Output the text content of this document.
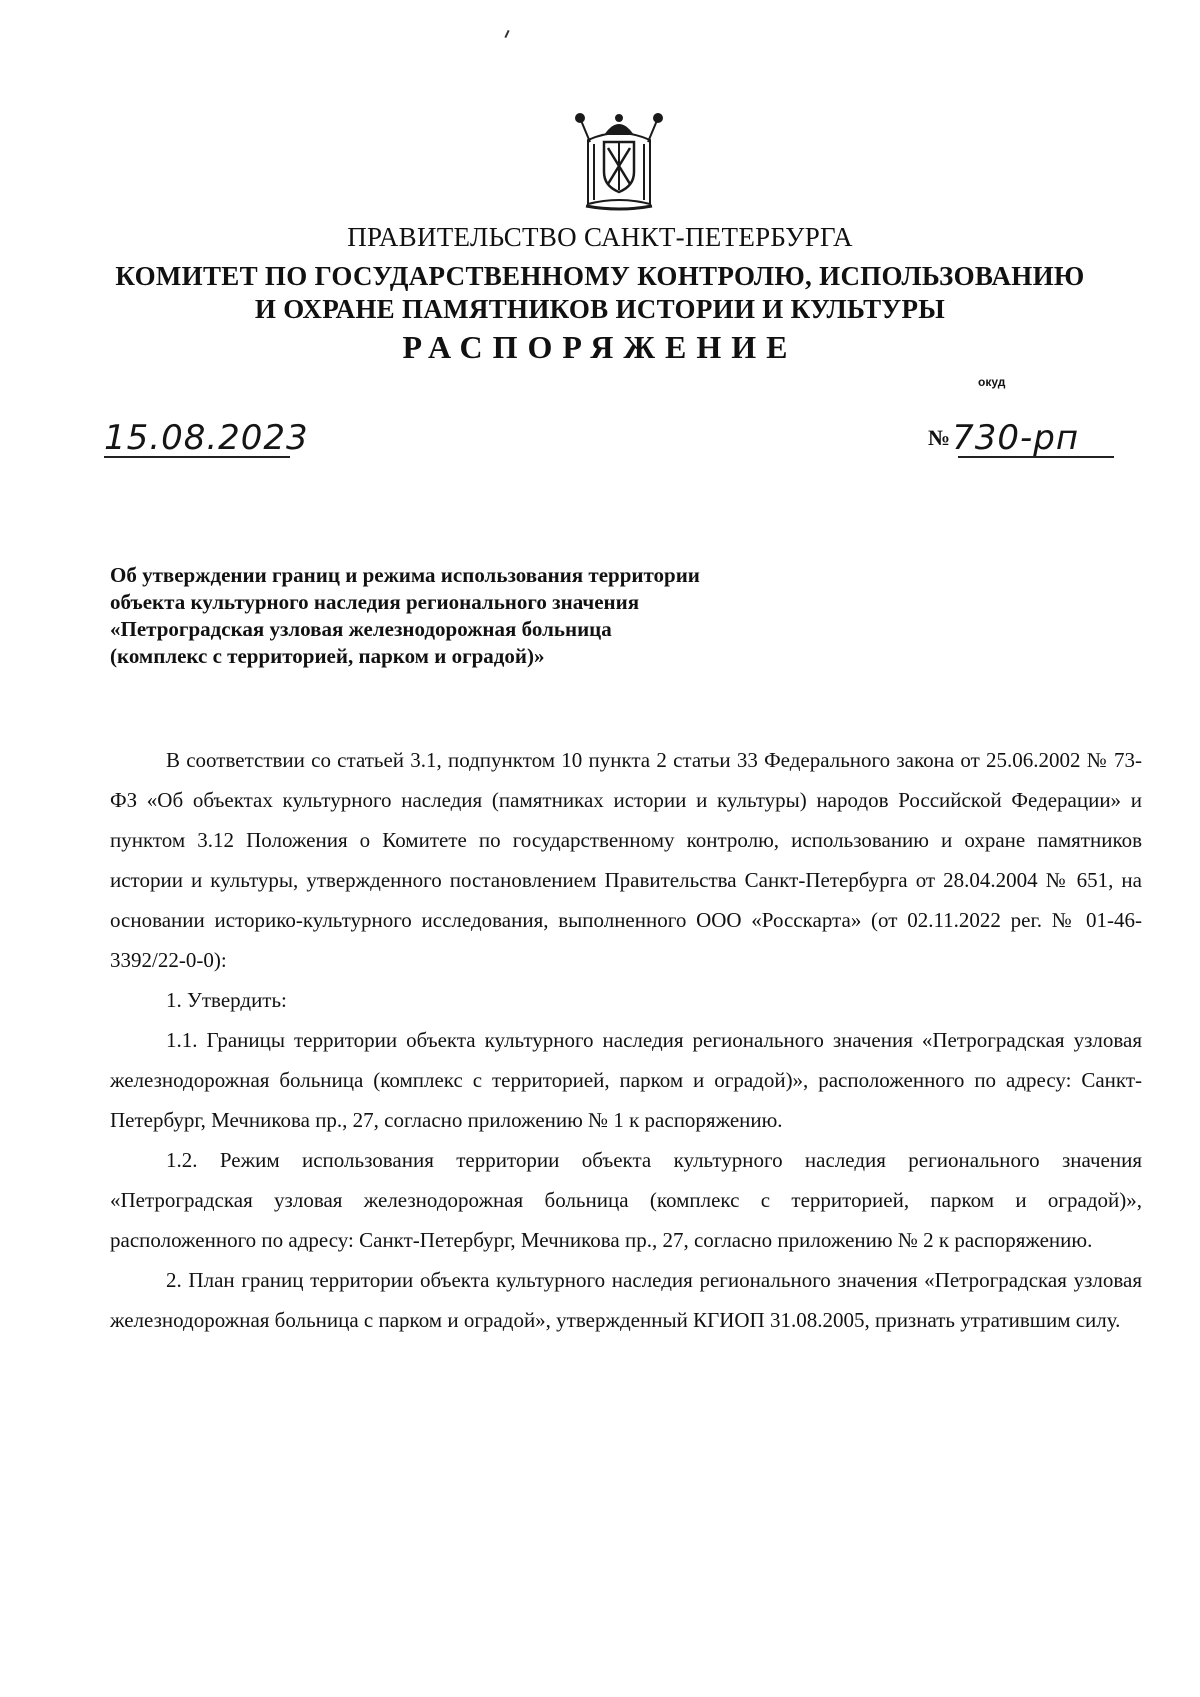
ПРАВИТЕЛЬСТВО САНКТ-ПЕТЕРБУРГА
КОМИТЕТ ПО ГОСУДАРСТВЕННОМУ КОНТРОЛЮ, ИСПОЛЬЗОВАНИЮ
И ОХРАНЕ ПАМЯТНИКОВ ИСТОРИИ И КУЛЬТУРЫ
РАСПОРЯЖЕНИЕ
окуд
15.08.2023	№730-рп
Об утверждении границ и режима использования территории
объекта культурного наследия регионального значения
«Петроградская узловая железнодорожная больница
(комплекс с территорией, парком и оградой)»

В соответствии со статьей 3.1, подпунктом 10 пункта 2 статьи 33 Федерального закона от 25.06.2002 № 73-ФЗ «Об объектах культурного наследия (памятниках истории и культуры) народов Российской Федерации» и пунктом 3.12 Положения о Комитете по государственному контролю, использованию и охране памятников истории и культуры, утвержденного постановлением Правительства Санкт-Петербурга от 28.04.2004 № 651, на основании историко-культурного исследования, выполненного ООО «Росскарта» (от 02.11.2022 рег. № 01-46-3392/22-0-0):

1. Утвердить:

1.1. Границы территории объекта культурного наследия регионального значения «Петроградская узловая железнодорожная больница (комплекс с территорией, парком и оградой)», расположенного по адресу: Санкт-Петербург, Мечникова пр., 27, согласно приложению № 1 к распоряжению.

1.2. Режим использования территории объекта культурного наследия регионального значения «Петроградская узловая железнодорожная больница (комплекс с территорией, парком и оградой)», расположенного по адресу: Санкт-Петербург, Мечникова пр., 27, согласно приложению № 2 к распоряжению.

2. План границ территории объекта культурного наследия регионального значения «Петроградская узловая железнодорожная больница с парком и оградой», утвержденный КГИОП 31.08.2005, признать утратившим силу.
